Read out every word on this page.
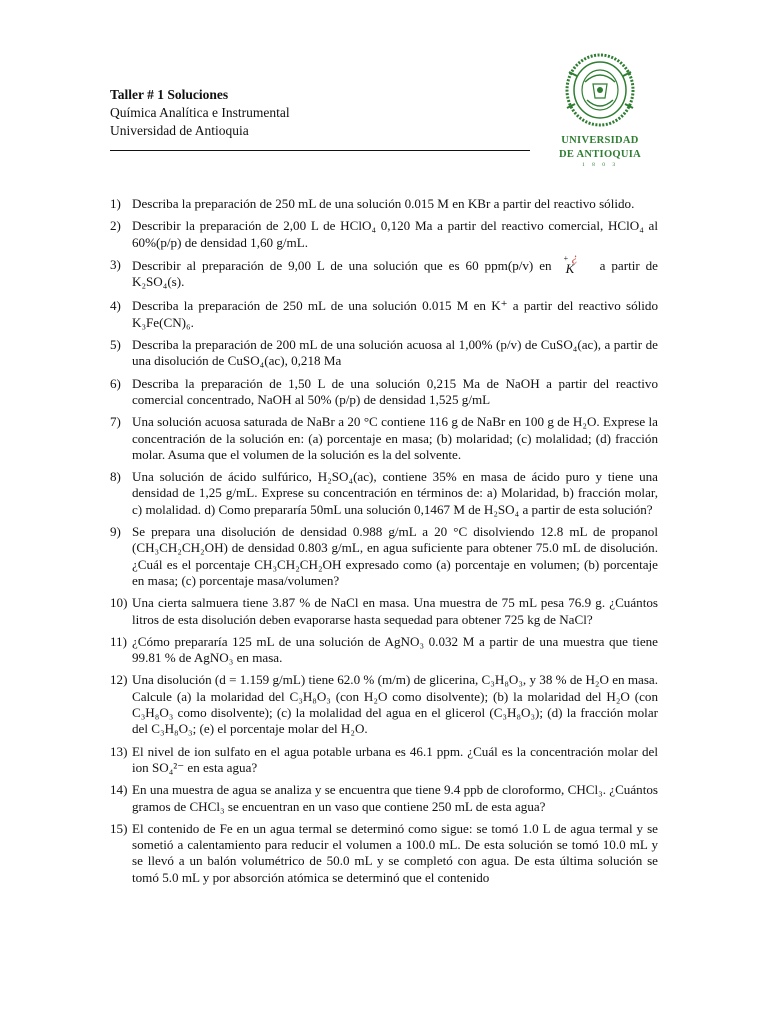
Taller # 1 Soluciones
Química Analítica e Instrumental
Universidad de Antioquia
UNIVERSIDAD
DE ANTIOQUIA
1 8 0 3
1) Describa la preparación de 250 mL de una solución 0.015 M en KBr a partir del reactivo sólido.
2) Describir la preparación de 2,00 L de HClO₄ 0,120 Ma a partir del reactivo comercial, HClO₄ al 60%(p/p) de densidad 1,60 g/mL.
3) Describir al preparación de 9,00 L de una solución que es 60 ppm(p/v) en + ¿
K a partir de K₂SO₄(s).
4) Describa la preparación de 250 mL de una solución 0.015 M en K⁺ a partir del reactivo sólido K₃Fe(CN)₆.
5) Describa la preparación de 200 mL de una solución acuosa al 1,00% (p/v) de CuSO₄(ac), a partir de una disolución de CuSO₄(ac), 0,218 Ma
6) Describa la preparación de 1,50 L de una solución 0,215 Ma de NaOH a partir del reactivo comercial concentrado, NaOH al 50% (p/p) de densidad 1,525 g/mL
7) Una solución acuosa saturada de NaBr a 20 °C contiene 116 g de NaBr en 100 g de H₂O. Exprese la concentración de la solución en: (a) porcentaje en masa; (b) molaridad; (c) molalidad; (d) fracción molar. Asuma que el volumen de la solución es la del solvente.
8) Una solución de ácido sulfúrico, H₂SO₄(ac), contiene 35% en masa de ácido puro y tiene una densidad de 1,25 g/mL. Exprese su concentración en términos de: a) Molaridad, b) fracción molar, c) molalidad. d) Como prepararía 50mL una solución 0,1467 M de H₂SO₄ a partir de esta solución?
9) Se prepara una disolución de densidad 0.988 g/mL a 20 °C disolviendo 12.8 mL de propanol (CH₃CH₂CH₂OH) de densidad 0.803 g/mL, en agua suficiente para obtener 75.0 mL de disolución. ¿Cuál es el porcentaje CH₃CH₂CH₂OH expresado como (a) porcentaje en volumen; (b) porcentaje en masa; (c) porcentaje masa/volumen?
10) Una cierta salmuera tiene 3.87 % de NaCl en masa. Una muestra de 75 mL pesa 76.9 g. ¿Cuántos litros de esta disolución deben evaporarse hasta sequedad para obtener 725 kg de NaCl?
11) ¿Cómo prepararía 125 mL de una solución de AgNO₃ 0.032 M a partir de una muestra que tiene 99.81 % de AgNO₃ en masa.
12) Una disolución (d = 1.159 g/mL) tiene 62.0 % (m/m) de glicerina, C₃H₈O₃, y 38 % de H₂O en masa. Calcule (a) la molaridad del C₃H₈O₃ (con H₂O como disolvente); (b) la molaridad del H₂O (con C₃H₈O₃ como disolvente); (c) la molalidad del agua en el glicerol (C₃H₈O₃); (d) la fracción molar del C₃H₈O₃; (e) el porcentaje molar del H₂O.
13) El nivel de ion sulfato en el agua potable urbana es 46.1 ppm. ¿Cuál es la concentración molar del ion SO₄²⁻ en esta agua?
14) En una muestra de agua se analiza y se encuentra que tiene 9.4 ppb de cloroformo, CHCl₃. ¿Cuántos gramos de CHCl₃ se encuentran en un vaso que contiene 250 mL de esta agua?
15) El contenido de Fe en un agua termal se determinó como sigue: se tomó 1.0 L de agua termal y se sometió a calentamiento para reducir el volumen a 100.0 mL. De esta solución se tomó 10.0 mL y se llevó a un balón volumétrico de 50.0 mL y se completó con agua. De esta última solución se tomó 5.0 mL y por absorción atómica se determinó que el contenido
